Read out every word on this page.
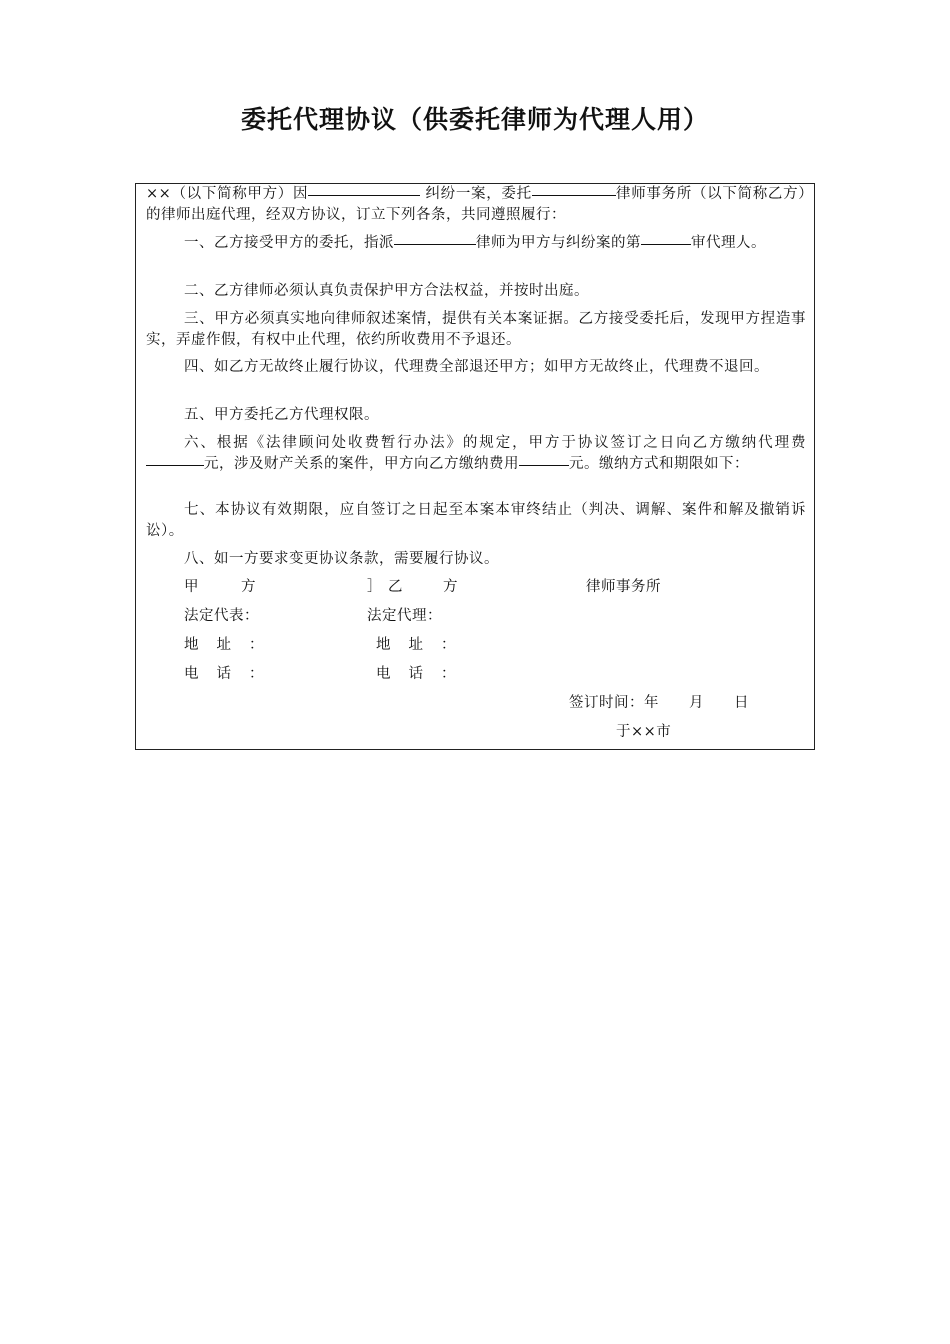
委托代理协议（供委托律师为代理人用）
××（以下简称甲方）因	纠纷一案，委托	律师事务所（以下简称乙方）的律师出庭代理，经双方协议，订立下列各条，共同遵照履行：
一、乙方接受甲方的委托，指派	律师为甲方与纠纷案的第	审代理人。
二、乙方律师必须认真负责保护甲方合法权益，并按时出庭。
三、甲方必须真实地向律师叙述案情，提供有关本案证据。乙方接受委托后，发现甲方捏造事实，弄虚作假，有权中止代理，依约所收费用不予退还。
四、如乙方无故终止履行协议，代理费全部退还甲方；如甲方无故终止，代理费不退回。
五、甲方委托乙方代理权限。
六、根据《法律顾问处收费暂行办法》的规定，甲方于协议签订之日向乙方缴纳代理费元，涉及财产关系的案件，甲方向乙方缴纳费用	元。缴纳方式和期限如下：
七、本协议有效期限，应自签订之日起至本案本审终结止（判决、调解、案件和解及撤销诉讼）。
八、如一方要求变更协议条款，需要履行协议。
甲方	］ 乙方	律师事务所
法定代表：	法定代理：
地址：	地址：
电话：	电话：
签订时间：年　　月　　日
于××市
